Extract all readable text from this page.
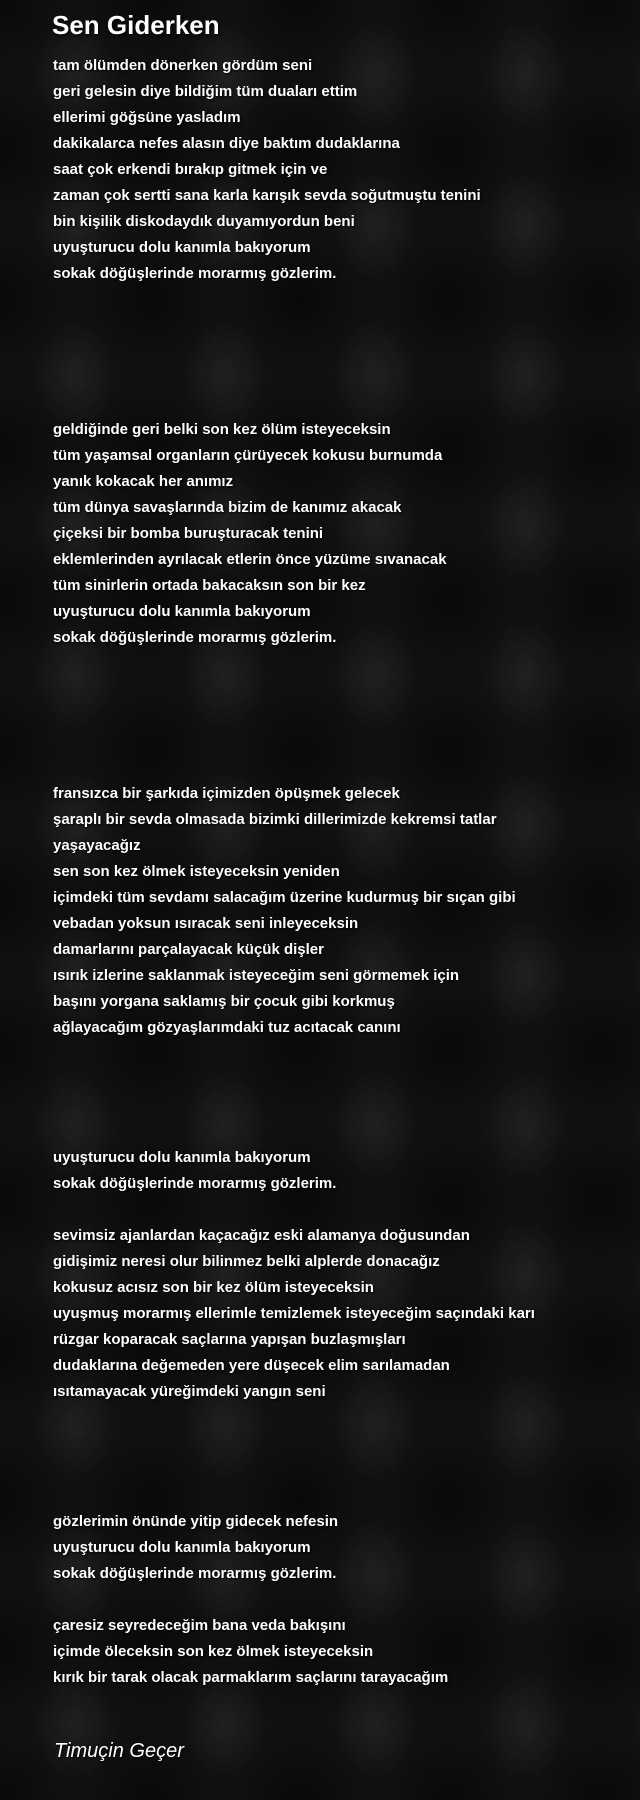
Sen Giderken
tam ölümden dönerken gördüm seni
geri gelesin diye bildiğim tüm duaları ettim
ellerimi göğsüne yasladım
dakikalarca nefes alasın diye baktım dudaklarına
saat çok erkendi bırakıp gitmek için ve
zaman çok sertti sana karla karışık sevda soğutmuştu tenini
bin kişilik diskodaydık duyamıyordun beni
uyuşturucu dolu kanımla bakıyorum
sokak döğüşlerinde morarmış gözlerim.
geldiğinde geri belki son kez ölüm isteyeceksin
tüm yaşamsal organların çürüyecek kokusu burnumda
yanık kokacak her anımız
tüm dünya savaşlarında bizim de kanımız akacak
çiçeksi bir bomba buruşturacak tenini
eklemlerinden ayrılacak etlerin önce yüzüme sıvanacak
tüm sinirlerin ortada bakacaksın son bir kez
uyuşturucu dolu kanımla bakıyorum
sokak döğüşlerinde morarmış gözlerim.
fransızca bir şarkıda içimizden öpüşmek gelecek
şaraplı bir sevda olmasada bizimki dillerimizde kekremsi tatlar
yaşayacağız
sen son kez ölmek isteyeceksin yeniden
içimdeki tüm sevdamı salacağım üzerine kudurmuş bir sıçan gibi
vebadan yoksun ısıracak seni inleyeceksin
damarlarını parçalayacak küçük dişler
ısırık izlerine saklanmak isteyeceğim seni görmemek için
başını yorgana saklamış bir çocuk gibi korkmuş
ağlayacağım gözyaşlarımdaki tuz acıtacak canını
uyuşturucu dolu kanımla bakıyorum
sokak döğüşlerinde morarmış gözlerim.
sevimsiz ajanlardan kaçacağız eski alamanya doğusundan
gidişimiz neresi olur bilinmez belki alplerde donacağız
kokusuz acısız son bir kez ölüm isteyeceksin
uyuşmuş morarmış ellerimle temizlemek isteyeceğim saçındaki karı
rüzgar koparacak saçlarına yapışan buzlaşmışları
dudaklarına değemeden yere düşecek elim sarılamadan
ısıtamayacak yüreğimdeki yangın seni
gözlerimin önünde yitip gidecek nefesin
uyuşturucu dolu kanımla bakıyorum
sokak döğüşlerinde morarmış gözlerim.
çaresiz seyredeceğim bana veda bakışını
içimde öleceksin son kez ölmek isteyeceksin
kırık bir tarak olacak parmaklarım saçlarını tarayacağım
Timuçin Geçer
